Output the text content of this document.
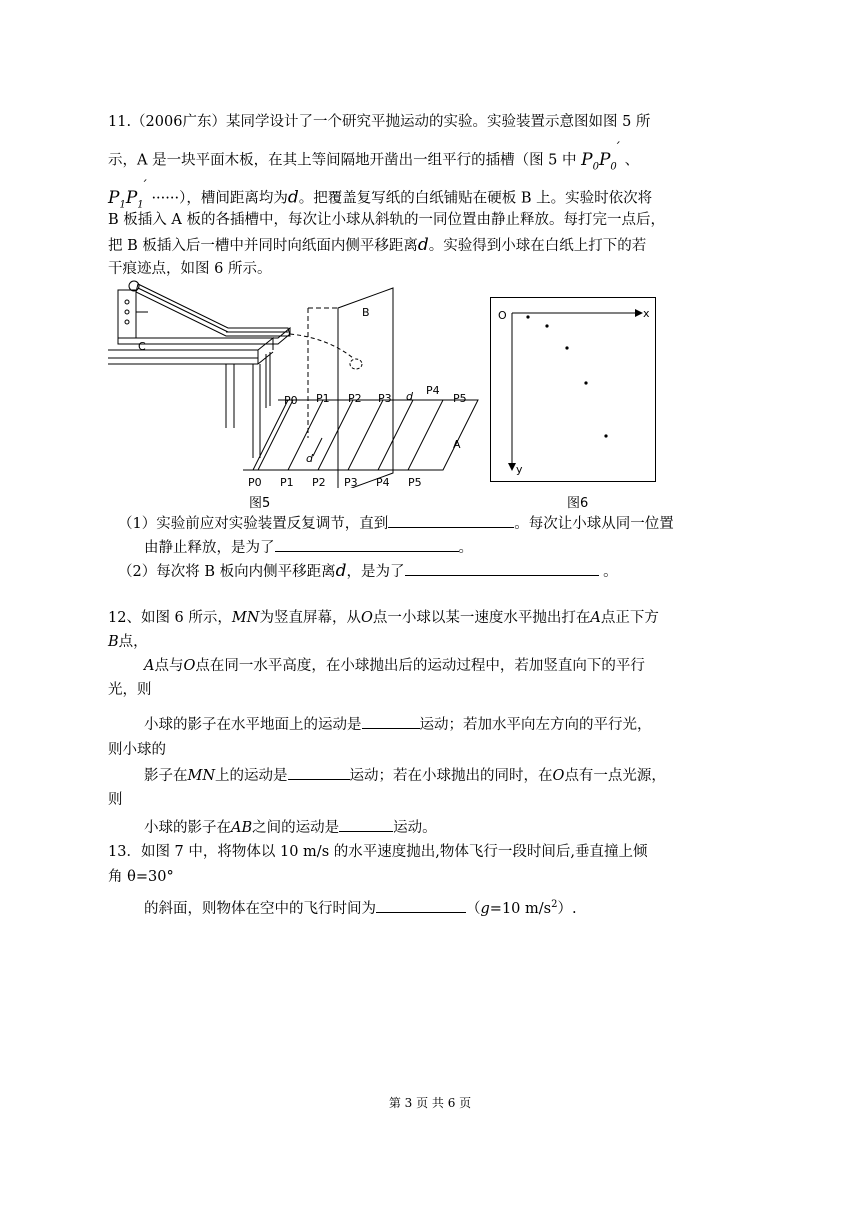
11.（2006广东）某同学设计了一个研究平抛运动的实验。实验装置示意图如图 5 所
示，A 是一块平面木板，在其上等间隔地开凿出一组平行的插槽（图 5 中 $P_0P_0'$ 、
$P_1P_1'$ ······），槽间距离均为d。把覆盖复写纸的白纸铺贴在硬板 B 上。实验时依次将
B 板插入 A 板的各插槽中，每次让小球从斜轨的一同位置由静止释放。每打完一点后，
把 B 板插入后一槽中并同时向纸面内侧平移距离d。实验得到小球在白纸上打下的若
干痕迹点，如图 6 所示。
B
C
A
d
d
P0 P1 P2 P3
P4
P5
P0 P1 P2 P3 P4 P5
图5
O	x
y
图6
（1）实验前应对实验装置反复调节，直到	。每次让小球从同一位置
由静止释放，是为了	。
（2）每次将 B 板向内侧平移距离d，是为了	。
12、如图 6 所示，MN为竖直屏幕，从O点一小球以某一速度水平抛出打在A点正下方
B点，
A点与O点在同一水平高度，在小球抛出后的运动过程中，若加竖直向下的平行
光，则
小球的影子在水平地面上的运动是	运动；若加水平向左方向的平行光，
则小球的
影子在MN上的运动是	运动；若在小球抛出的同时，在O点有一点光源，
则
小球的影子在AB之间的运动是	运动。
13．如图 7 中，将物体以 10 m/s 的水平速度抛出,物体飞行一段时间后,垂直撞上倾
角 θ=30°
的斜面，则物体在空中的飞行时间为	（g=10 $m/s^2$）.
第 3 页 共 6 页
